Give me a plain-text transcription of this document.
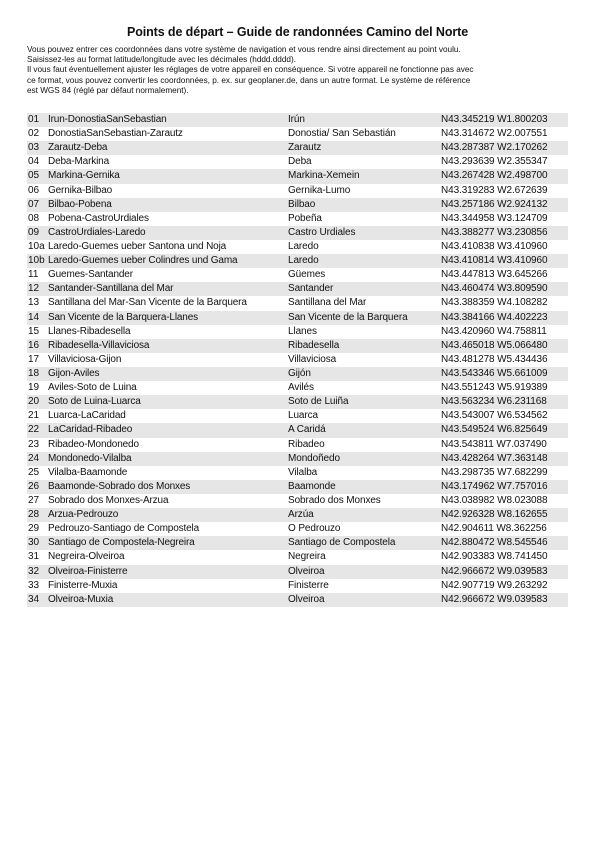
Points de départ – Guide de randonnées Camino del Norte

Vous pouvez entrer ces coordonnées dans votre système de navigation et vous rendre ainsi directement au point voulu.

Saisissez-les au format latitude/longitude avec les décimales (hddd.dddd).

Il vous faut éventuellement ajuster les réglages de votre appareil en conséquence. Si votre appareil ne fonctionne pas avec

ce format, vous pouvez convertir les coordonnées, p. ex. sur geoplaner.de, dans un autre format. Le système de référence

est WGS 84 (réglé par défaut normalement).

01 Irun-DonostiaSanSebastian	Irún	N43.345219 W1.800203
02 DonostiaSanSebastian-Zarautz	Donostia/ San Sebastián	N43.314672 W2.007551
03 Zarautz-Deba	Zarautz	N43.287387 W2.170262
04 Deba-Markina	Deba	N43.293639 W2.355347
05 Markina-Gernika	Markina-Xemein	N43.267428 W2.498700
06 Gernika-Bilbao	Gernika-Lumo	N43.319283 W2.672639
07 Bilbao-Pobena	Bilbao	N43.257186 W2.924132
08 Pobena-CastroUrdiales	Pobeña	N43.344958 W3.124709
09 CastroUrdiales-Laredo	Castro Urdiales	N43.388277 W3.230856
10a Laredo-Guemes ueber Santona und Noja	Laredo	N43.410838 W3.410960
10b Laredo-Guemes ueber Colindres und Gama	Laredo	N43.410814 W3.410960
11 Guemes-Santander	Güemes	N43.447813 W3.645266
12 Santander-Santillana del Mar	Santander	N43.460474 W3.809590
13 Santillana del Mar-San Vicente de la Barquera	Santillana del Mar	N43.388359 W4.108282
14 San Vicente de la Barquera-Llanes	San Vicente de la Barquera	N43.384166 W4.402223
15 Llanes-Ribadesella	Llanes	N43.420960 W4.758811
16 Ribadesella-Villaviciosa	Ribadesella	N43.465018 W5.066480
17 Villaviciosa-Gijon	Villaviciosa	N43.481278 W5.434436
18 Gijon-Aviles	Gijón	N43.543346 W5.661009
19 Aviles-Soto de Luina	Avilés	N43.551243 W5.919389
20 Soto de Luina-Luarca	Soto de Luiña	N43.563234 W6.231168
21 Luarca-LaCaridad	Luarca	N43.543007 W6.534562
22 LaCaridad-Ribadeo	A Caridá	N43.549524 W6.825649
23 Ribadeo-Mondonedo	Ribadeo	N43.543811 W7.037490
24 Mondonedo-Vilalba	Mondoñedo	N43.428264 W7.363148
25 Vilalba-Baamonde	Vilalba	N43.298735 W7.682299
26 Baamonde-Sobrado dos Monxes	Baamonde	N43.174962 W7.757016
27 Sobrado dos Monxes-Arzua	Sobrado dos Monxes	N43.038982 W8.023088
28 Arzua-Pedrouzo	Arzúa	N42.926328 W8.162655
29 Pedrouzo-Santiago de Compostela	O Pedrouzo	N42.904611 W8.362256
30 Santiago de Compostela-Negreira	Santiago de Compostela	N42.880472 W8.545546
31 Negreira-Olveiroa	Negreira	N42.903383 W8.741450
32 Olveiroa-Finisterre	Olveiroa	N42.966672 W9.039583
33 Finisterre-Muxia	Finisterre	N42.907719 W9.263292
34 Olveiroa-Muxia	Olveiroa	N42.966672 W9.039583
